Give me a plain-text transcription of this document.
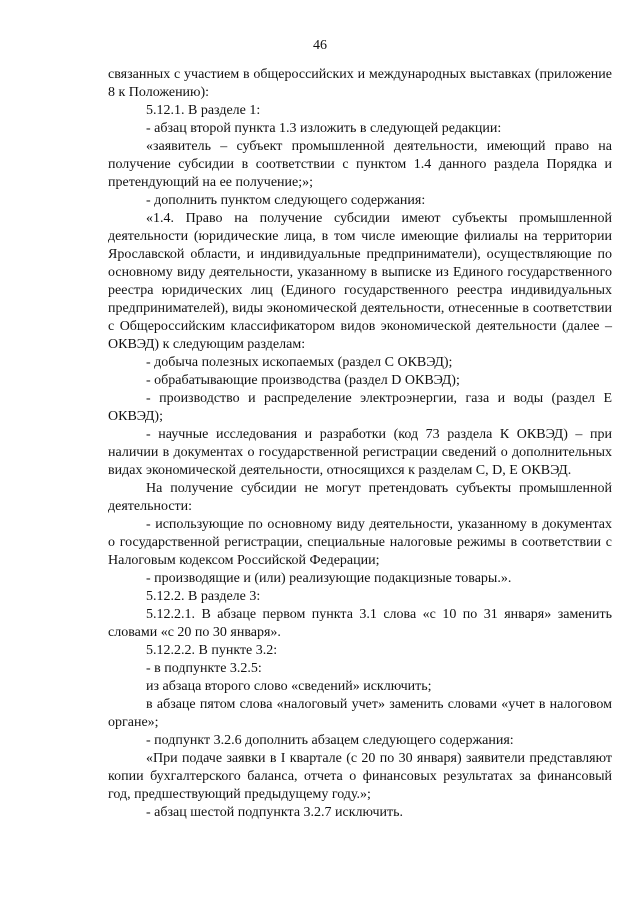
46

связанных с участием в общероссийских и международных выставках (приложение 8 к Положению):

5.12.1. В разделе 1:

- абзац второй пункта 1.3 изложить в следующей редакции:

«заявитель – субъект промышленной деятельности, имеющий право на получение субсидии в соответствии с пунктом 1.4 данного раздела Порядка и претендующий на ее получение;»;

- дополнить пунктом следующего содержания:

«1.4. Право на получение субсидии имеют субъекты промышленной деятельности (юридические лица, в том числе имеющие филиалы на территории Ярославской области, и индивидуальные предприниматели), осуществляющие по основному виду деятельности, указанному в выписке из Единого государственного реестра юридических лиц (Единого государственного реестра индивидуальных предпринимателей), виды экономической деятельности, отнесенные в соответствии с Общероссийским классификатором видов экономической деятельности (далее – ОКВЭД) к следующим разделам:

- добыча полезных ископаемых (раздел С ОКВЭД);

- обрабатывающие производства (раздел D ОКВЭД);

- производство и распределение электроэнергии, газа и воды (раздел Е ОКВЭД);

- научные исследования и разработки (код 73 раздела К ОКВЭД) – при наличии в документах о государственной регистрации сведений о дополнительных видах экономической деятельности, относящихся к разделам С, D, Е ОКВЭД.

На получение субсидии не могут претендовать субъекты промышленной деятельности:

- использующие по основному виду деятельности, указанному в документах о государственной регистрации, специальные налоговые режимы в соответствии с Налоговым кодексом Российской Федерации;

- производящие и (или) реализующие подакцизные товары.».

5.12.2. В разделе 3:

5.12.2.1. В абзаце первом пункта 3.1 слова «с 10 по 31 января» заменить словами «с 20 по 30 января».

5.12.2.2. В пункте 3.2:

- в подпункте 3.2.5:

из абзаца второго слово «сведений» исключить;

в абзаце пятом слова «налоговый учет» заменить словами «учет в налоговом органе»;

- подпункт 3.2.6 дополнить абзацем следующего содержания:

«При подаче заявки в I квартале (с 20 по 30 января) заявители представляют копии бухгалтерского баланса, отчета о финансовых результатах за финансовый год, предшествующий предыдущему году.»;

- абзац шестой подпункта 3.2.7 исключить.
